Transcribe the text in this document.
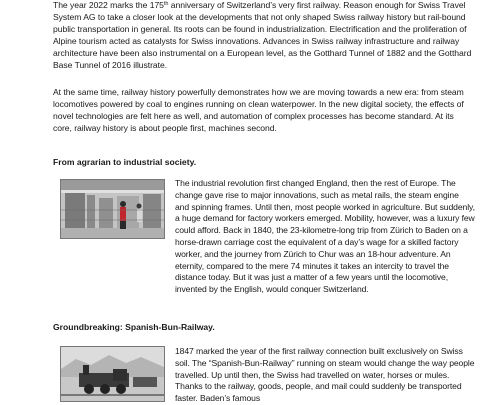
The year 2022 marks the 175th anniversary of Switzerland’s very first railway. Reason enough for Swiss Travel System AG to take a closer look at the developments that not only shaped Swiss railway history but rail-bound public transportation in general. Its roots can be found in industrialization. Electrification and the proliferation of Alpine tourism acted as catalysts for Swiss innovations. Advances in Swiss railway infrastructure and railway architecture have been also instrumental on a European level, as the Gotthard Tunnel of 1882 and the Gotthard Base Tunnel of 2016 illustrate.

At the same time, railway history powerfully demonstrates how we are moving towards a new era: from steam locomotives powered by coal to engines running on clean waterpower. In the new digital society, the effects of novel technologies are felt here as well, and automation of complex processes has become standard. At its core, railway history is about people first, machines second.

From agrarian to industrial society.

The industrial revolution first changed England, then the rest of Europe. The change gave rise to major innovations, such as metal rails, the steam engine and spinning frames. Until then, most people worked in agriculture. But suddenly, a huge demand for factory workers emerged. Mobility, however, was a luxury few could afford. Back in 1840, the 23-kilometre-long trip from Zürich to Baden on a horse-drawn carriage cost the equivalent of a day’s wage for a skilled factory worker, and the journey from Zürich to Chur was an 18-hour adventure. An eternity, compared to the mere 74 minutes it takes an intercity to travel the distance today. But it was just a matter of a few years until the locomotive, invented by the English, would conquer Switzerland.

Groundbreaking: Spanish-Bun-Railway.

1847 marked the year of the first railway connection built exclusively on Swiss soil. The “Spanish-Bun-Railway” running on steam would change the way people travelled. Up until then, the Swiss had travelled on water, horses or mules. Thanks to the railway, goods, people, and mail could suddenly be transported faster. Baden’s famous
